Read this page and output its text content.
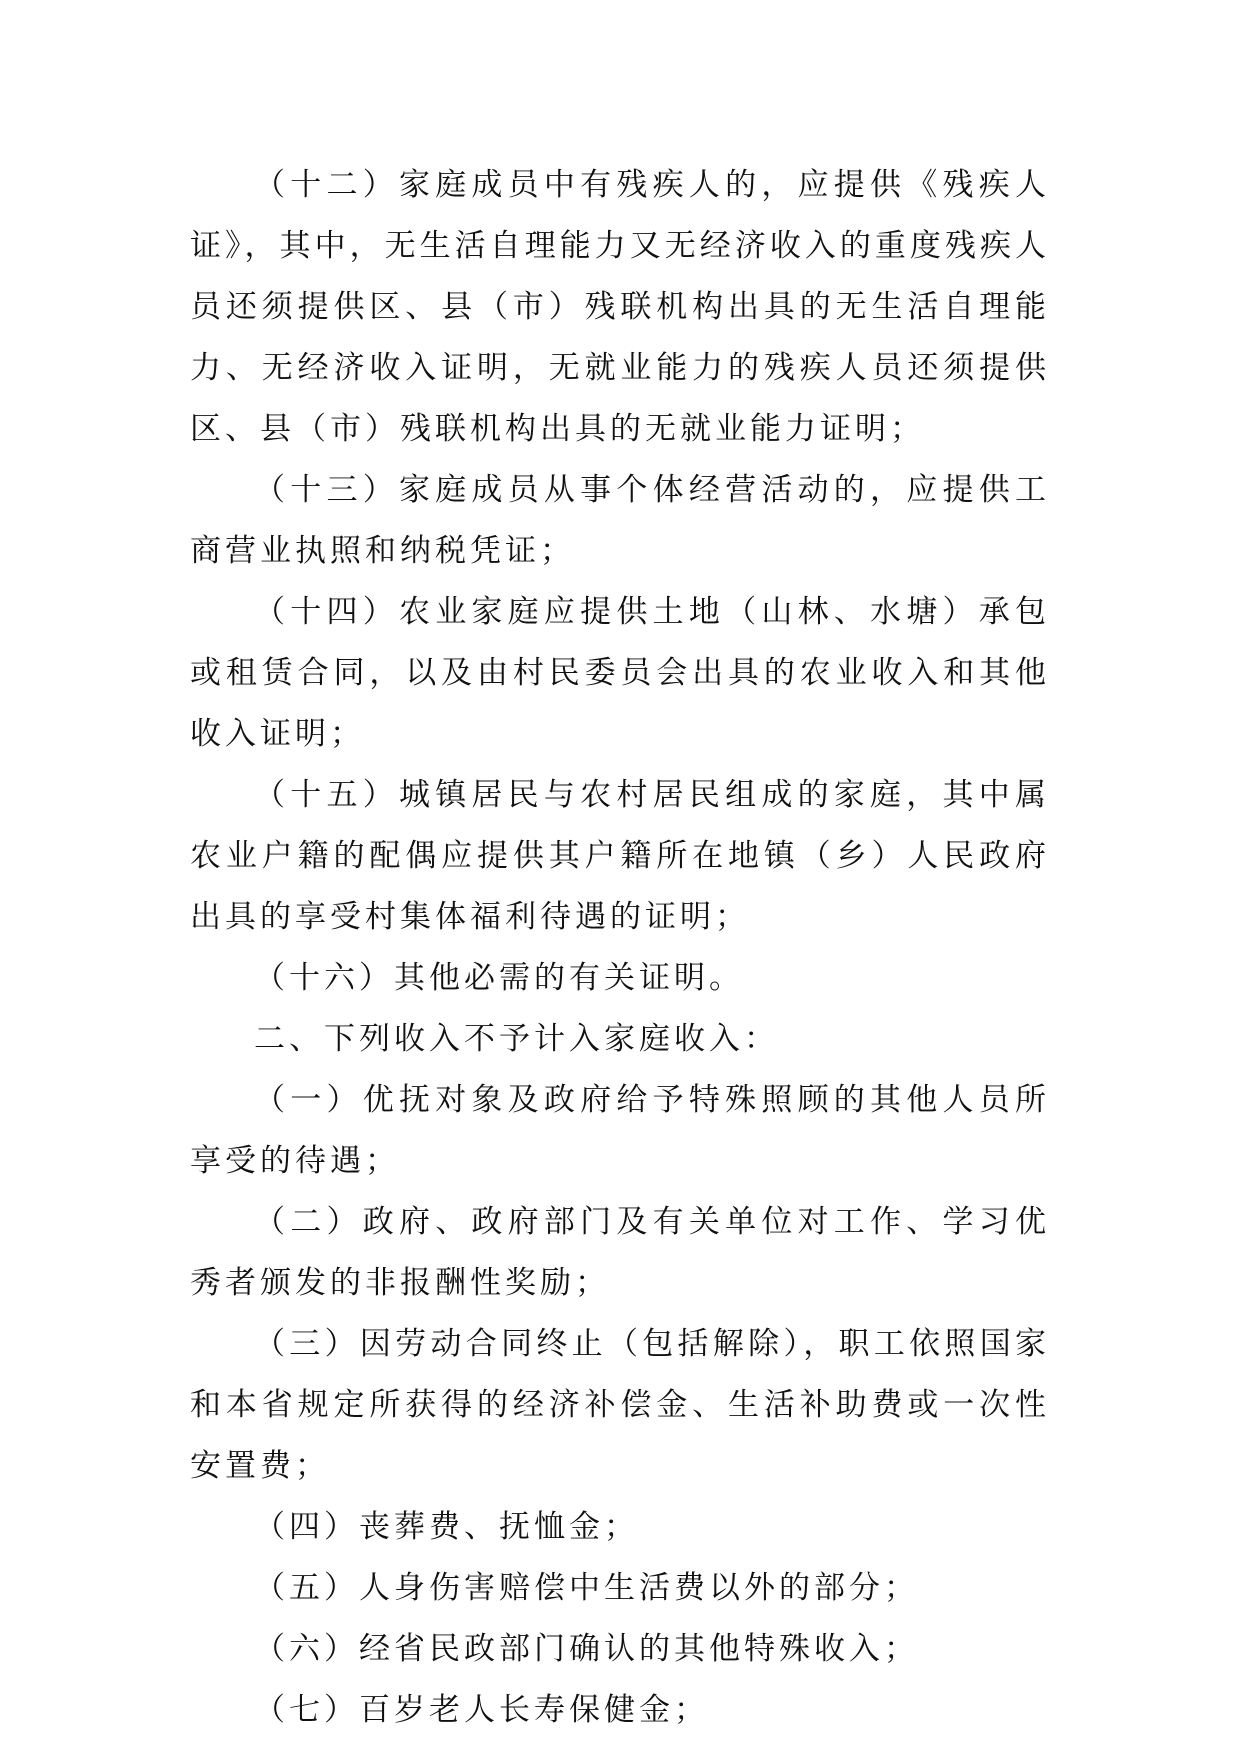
（十二）家庭成员中有残疾人的，应提供《残疾人证》，其中，无生活自理能力又无经济收入的重度残疾人员还须提供区、县（市）残联机构出具的无生活自理能力、无经济收入证明，无就业能力的残疾人员还须提供区、县（市）残联机构出具的无就业能力证明；

（十三）家庭成员从事个体经营活动的，应提供工商营业执照和纳税凭证；

（十四）农业家庭应提供土地（山林、水塘）承包或租赁合同，以及由村民委员会出具的农业收入和其他收入证明；

（十五）城镇居民与农村居民组成的家庭，其中属农业户籍的配偶应提供其户籍所在地镇（乡）人民政府出具的享受村集体福利待遇的证明；

（十六）其他必需的有关证明。

二、下列收入不予计入家庭收入：

（一）优抚对象及政府给予特殊照顾的其他人员所享受的待遇；

（二）政府、政府部门及有关单位对工作、学习优秀者颁发的非报酬性奖励；

（三）因劳动合同终止（包括解除），职工依照国家和本省规定所获得的经济补偿金、生活补助费或一次性安置费；

（四）丧葬费、抚恤金；

（五）人身伤害赔偿中生活费以外的部分；

（六）经省民政部门确认的其他特殊收入；

（七）百岁老人长寿保健金；
